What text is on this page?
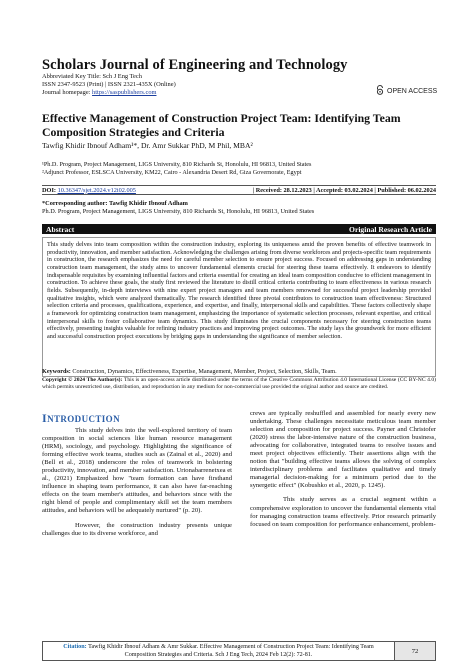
Scholars Journal of Engineering and Technology
Abbreviated Key Title: Sch J Eng Tech
ISSN 2347-9523 (Print) | ISSN 2321-435X (Online)
Journal homepage: https://saspublishers.com	OPEN ACCESS
Effective Management of Construction Project Team: Identifying Team Composition Strategies and Criteria
Tawfig Khidir Ibnouf Adham¹*, Dr. Amr Sukkar PhD, M Phil, MBA²
¹Ph.D. Program, Project Management, LIGS University, 810 Richards St, Honolulu, HI 96813, United States
²Adjunct Professor, ESLSCA University, KM22, Cairo - Alexandria Desert Rd, Giza Governorate, Egypt
DOI: 10.36347/sjet.2024.v12i02.005	| Received: 28.12.2023 | Accepted: 03.02.2024 | Published: 06.02.2024
*Corresponding author: Tawfig Khidir Ibnouf Adham
Ph.D. Program, Project Management, LIGS University, 810 Richards St, Honolulu, HI 96813, United States
Abstract	Original Research Article
This study delves into team composition within the construction industry, exploring its uniqueness amid the proven benefits of effective teamwork in productivity, innovation, and member satisfaction. Acknowledging the challenges arising from diverse workforces and projects-specific team requirements in construction, the research emphasizes the need for careful member selection to ensure project success. Focused on addressing gaps in understanding construction team management, the study aims to uncover fundamental elements crucial for steering these teams effectively. It endeavors to identify indispensable requisites by examining influential factors and criteria essential for creating an ideal team composition conducive to efficient management in construction. To achieve these goals, the study first reviewed the literature to distill critical criteria contributing to team effectiveness in various research fields. Subsequently, in-depth interviews with nine expert project managers and team members renowned for successful project leadership provided qualitative insights, which were analyzed thematically. The research identified three pivotal contributors to construction team effectiveness: Structured selection criteria and processes, qualifications, experience, and expertise, and finally, interpersonal skills and capabilities. These factors collectively shape a framework for optimizing construction team management, emphasizing the importance of systematic selection processes, relevant expertise, and critical interpersonal skills to foster collaborative team dynamics. This study illuminates the crucial components necessary for steering construction teams effectively, presenting insights valuable for refining industry practices and improving project outcomes. The study lays the groundwork for more efficient and successful construction project executions by bridging gaps in understanding the significance of member selection.
Keywords: Construction, Dynamics, Effectiveness, Expertise, Management, Member, Project, Selection, Skills, Team.
Copyright © 2024 The Author(s): This is an open-access article distributed under the terms of the Creative Commons Attribution 4.0 International License (CC BY-NC 4.0) which permits unrestricted use, distribution, and reproduction in any medium for non-commercial use provided the original author and source are credited.
INTRODUCTION

This study delves into the well-explored territory of team composition in social sciences like human resource management (HRM), sociology, and psychology. Highlighting the significance of forming effective work teams, studies such as (Zainal et al., 2020) and (Bell et al., 2018) underscore the roles of teamwork in bolstering productivity, innovation, and member satisfaction. Urionabarrenetxea et al., (2021) Emphasized how "team formation can have firsthand influence in shaping team performance, it can also have far-reaching effects on the team member's attitudes, and behaviors since with the right blend of people and complimentary skill set the team members attitudes, and behaviors will be adequately nurtured" (p. 20).

However, the construction industry presents unique challenges due to its diverse workforce, and

crews are typically reshuffled and assembled for nearly every new undertaking. These challenges necessitate meticulous team member selection and composition for project success. Payner and Christofer (2020) stress the labor-intensive nature of the construction business, advocating for collaborative, integrated teams to resolve issues and meet project objectives efficiently. Their assertions align with the notion that "building effective teams allows the solving of complex interdisciplinary problems and facilitates qualitative and timely managerial decision-making for a minimum period due to the synergetic effect" (Kobushko et al., 2020, p. 1245).

This study serves as a crucial segment within a comprehensive exploration to uncover the fundamental elements vital for managing construction teams effectively. Prior research primarily focused on team composition for performance enhancement, problem-

Citation: Tawfig Khidir Ibnouf Adham & Amr Sukkar. Effective Management of Construction Project Team: Identifying Team Composition Strategies and Criteria. Sch J Eng Tech, 2024 Feb 12(2): 72-81.
72
